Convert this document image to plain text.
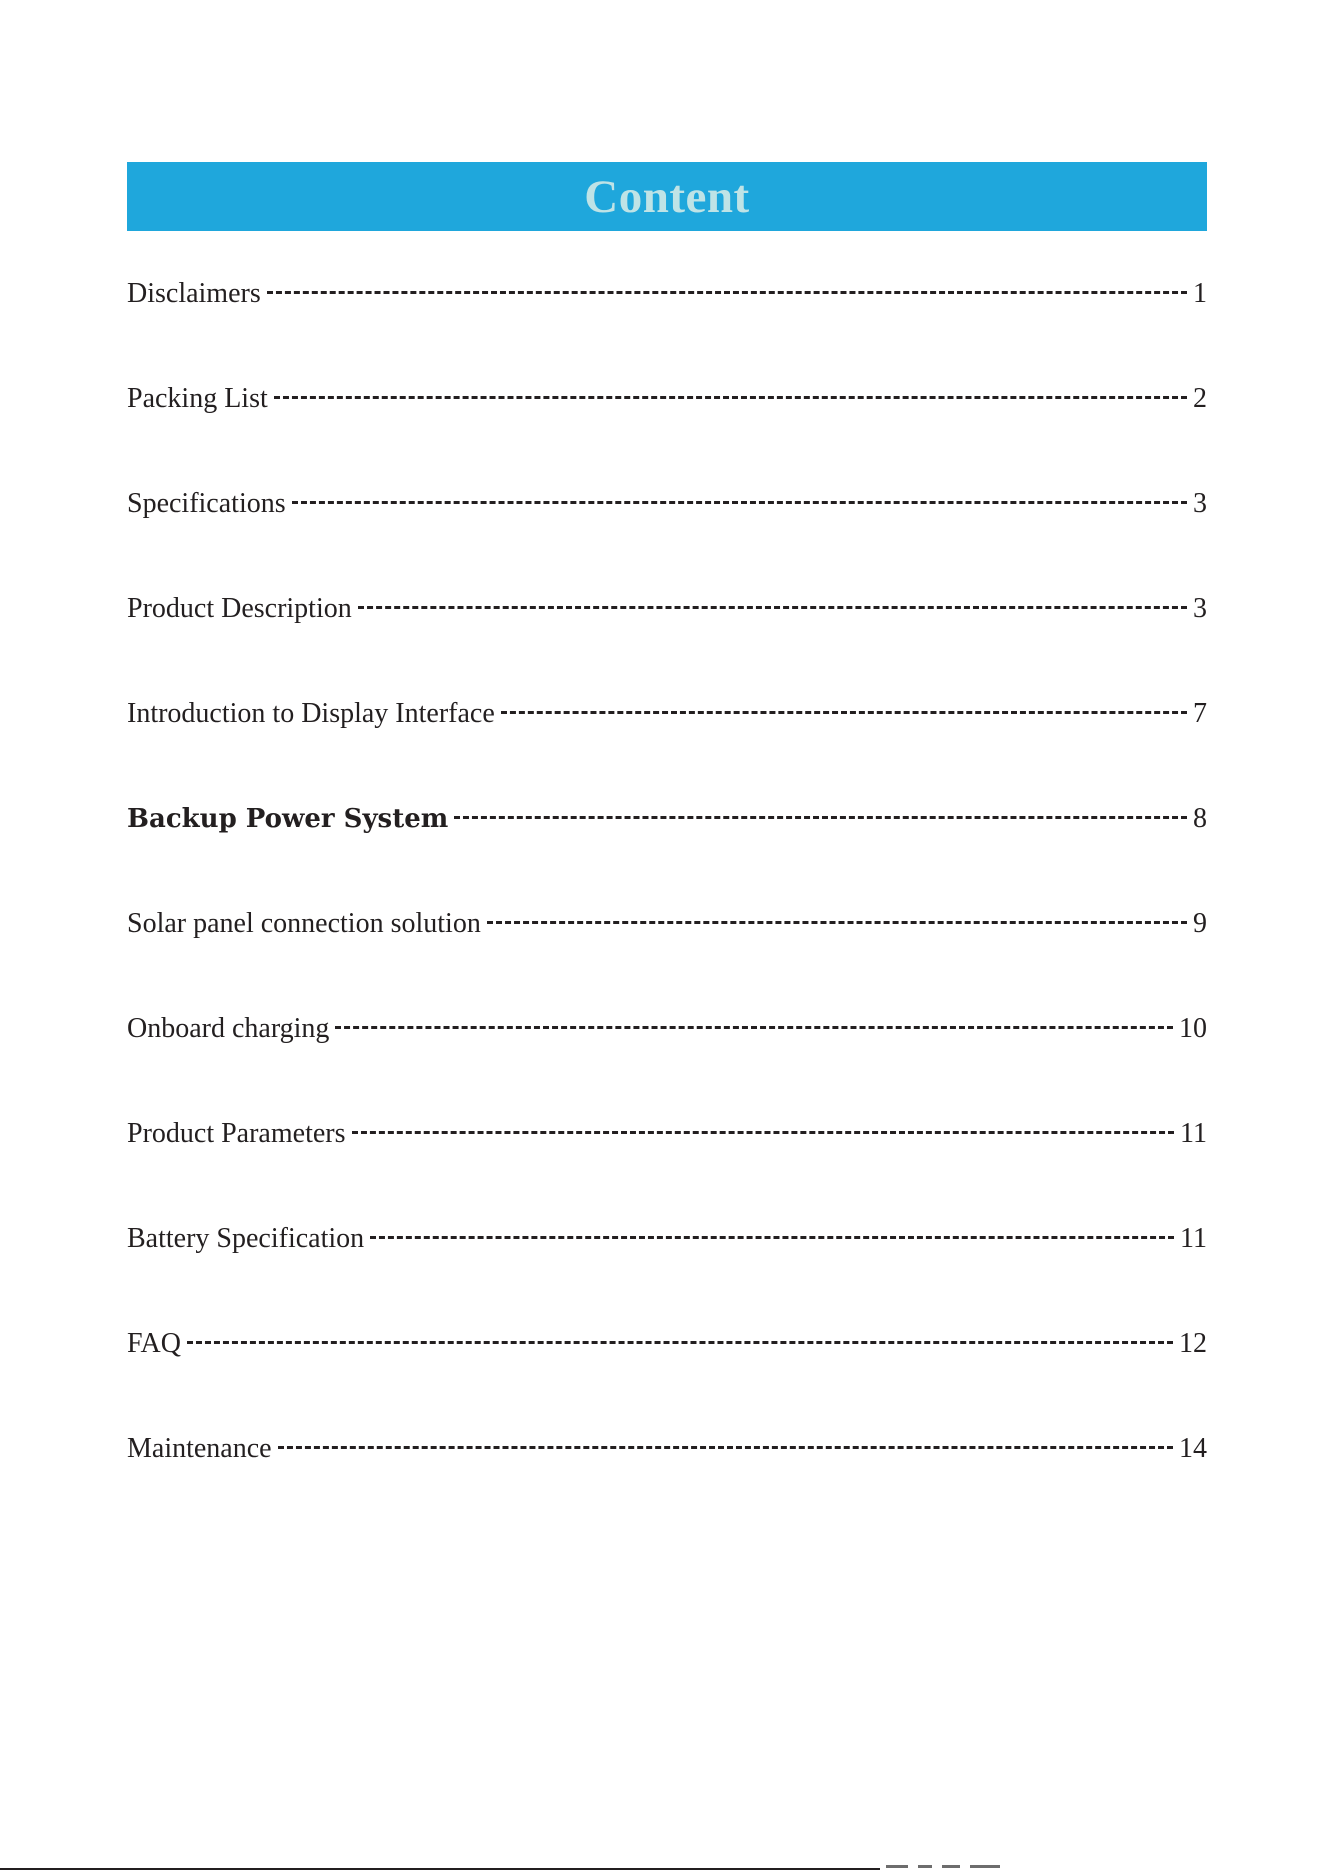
Content
Disclaimers	1
Packing List	2
Specifications	3
Product Description	3
Introduction to Display Interface	7
Backup Power System	8
Solar panel connection solution	9
Onboard charging	10
Product Parameters	11
Battery Specification	11
FAQ	12
Maintenance	14
